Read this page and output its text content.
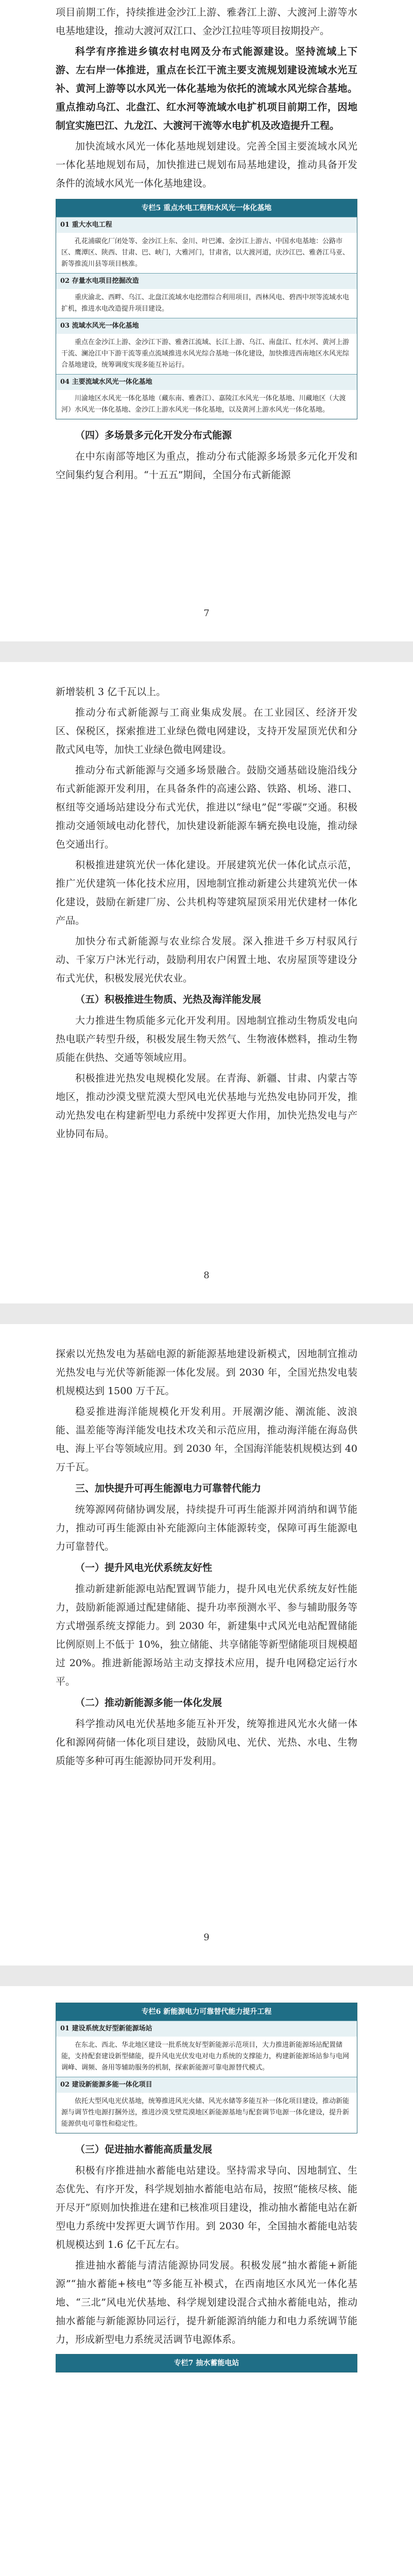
项目前期工作，持续推进金沙江上游、雅砻江上游、大渡河上游等水电基地建设，推动大渡河双江口、金沙江拉哇等项目按期投产。

科学有序推进乡镇农村电网及分布式能源建设。坚持流域上下游、左右岸一体推进，重点在长江干流主要支流规划建设流域水光互补、黄河上游等以水风光一体化基地为依托的流域水风光综合基地。重点推动乌江、北盘江、红水河等流域水电扩机项目前期工作，因地制宜实施巴江、九龙江、大渡河干流等水电扩机及改造提升工程。

加快流域水风光一体化基地规划建设。完善全国主要流域水风光一体化基地规划布局，加快推进已规划布局基地建设，推动具备开发条件的流域水风光一体化基地建设。

专栏5 重点水电工程和水风光一体化基地
01 重大水电工程
孔花浦碳化厂闭处等、金沙江上东、金川、叶巴滩、金沙江上游古、中国水电基地：公路市区、鹰潭区、陕西、甘肃、巴、峡门，大雅河门，甘肃省，以大渡河道，庆沙江巴、雅砻江马亚、新等推流川县等项目核准。
02 存量水电项目挖掘改造
重庆渝北、西畔、乌江、北盘江流域水电挖潜综合利用项目，西林风电、碧西中坝等流域水电扩机，推进水电改造提升项目建设。
03 流域水风光一体化基地
重点在金沙江上游、金沙江下游、雅砻江流域、长江上游、乌江、南盘江、红水河、黄河上游干流、澜沧江中下游干流等重点流域推进水风光综合基地一体化建设，加快推进西南地区水风光综合基地建设，统筹调度实现多能互补运行。
04 主要流域水风光一体化基地
川渝地区水风光一体化基地（藏东南、雅砻江）、嘉陵江水风光一体化基地、川藏地区（大渡河）水风光一体化基地、金沙江上游水风光一体化基地，以及黄河上游水风光一体化基地。
（四）多场景多元化开发分布式能源

在中东南部等地区为重点，推动分布式能源多场景多元化开发和空间集约复合利用。“十五五”期间，全国分布式新能源

7

新增装机 3 亿千瓦以上。

推动分布式新能源与工商业集成发展。在工业园区、经济开发区、保税区，探索推进工业绿色微电网建设，支持开发屋顶光伏和分散式风电等，加快工业绿色微电网建设。

推动分布式新能源与交通多场景融合。鼓励交通基础设施沿线分布式新能源开发利用，在具备条件的高速公路、铁路、机场、港口、枢纽等交通场站建设分布式光伏，推进以“绿电”促“零碳”交通。积极推动交通领域电动化替代，加快建设新能源车辆充换电设施，推动绿色交通出行。

积极推进建筑光伏一体化建设。开展建筑光伏一体化试点示范，推广光伏建筑一体化技术应用，因地制宜推动新建公共建筑光伏一体化建设，鼓励在新建厂房、公共机构等建筑屋顶采用光伏建材一体化产品。

加快分布式新能源与农业综合发展。深入推进千乡万村驭风行动、千家万户沐光行动，鼓励利用农户闲置土地、农房屋顶等建设分布式光伏，积极发展光伏农业。

（五）积极推进生物质、光热及海洋能发展

大力推进生物质能多元化开发利用。因地制宜推动生物质发电向热电联产转型升级，积极发展生物天然气、生物液体燃料，推动生物质能在供热、交通等领域应用。

积极推进光热发电规模化发展。在青海、新疆、甘肃、内蒙古等地区，推动沙漠戈壁荒漠大型风电光伏基地与光热发电协同开发，推动光热发电在构建新型电力系统中发挥更大作用，加快光热发电与产业协同布局。

8

探索以光热发电为基础电源的新能源基地建设新模式，因地制宜推动光热发电与光伏等新能源一体化发展。到 2030 年，全国光热发电装机规模达到 1500 万千瓦。

稳妥推进海洋能规模化开发利用。开展潮汐能、潮流能、波浪能、温差能等海洋能发电技术攻关和示范应用，推动海洋能在海岛供电、海上平台等领域应用。到 2030 年，全国海洋能装机规模达到 40 万千瓦。

三、加快提升可再生能源电力可靠替代能力

统筹源网荷储协调发展，持续提升可再生能源并网消纳和调节能力，推动可再生能源由补充能源向主体能源转变，保障可再生能源电力可靠替代。

（一）提升风电光伏系统友好性

推动新建新能源电站配置调节能力，提升风电光伏系统友好性能力，鼓励新能源通过配建储能、提升功率预测水平、参与辅助服务等方式增强系统支撑能力。到 2030 年，新建集中式风光电站配置储能比例原则上不低于 10%，独立储能、共享储能等新型储能项目规模超过 20%。推进新能源场站主动支撑技术应用，提升电网稳定运行水平。

（二）推动新能源多能一体化发展

科学推动风电光伏基地多能互补开发，统筹推进风光水火储一体化和源网荷储一体化项目建设，鼓励风电、光伏、光热、水电、生物质能等多种可再生能源协同开发利用。

9
专栏6 新能源电力可靠替代能力提升工程
01 建设系统友好型新能源场站
在东北、西北、华北地区建设一批系统友好型新能源示范项目，大力推进新能源场站配置储能，支持配套建设新型储能，提升风电光伏发电对电力系统的支撑能力，构建新能源场站参与电网调峰、调频、备用等辅助服务的机制，探索新能源可靠电源替代模式。
02 建设新能源多能一体化项目
依托大型风电光伏基地，统筹推进风光火储、风光水储等多能互补一体化项目建设，推动新能源与调节性电源打捆外送，推进沙漠戈壁荒漠地区新能源基地与配套调节电源一体化建设，提升新能源供电可靠性和稳定性。
（三）促进抽水蓄能高质量发展

积极有序推进抽水蓄能电站建设。坚持需求导向、因地制宜、生态优先、有序开发，科学规划抽水蓄能电站布局，按照“能核尽核、能开尽开”原则加快推进在建和已核准项目建设，推动抽水蓄能电站在新型电力系统中发挥更大调节作用。到 2030 年，全国抽水蓄能电站装机规模达到 1.6 亿千瓦左右。

推进抽水蓄能与清洁能源协同发展。积极发展“抽水蓄能+新能源”“抽水蓄能+核电”等多能互补模式，在西南地区水风光一体化基地、“三北”风电光伏基地、科学规划建设混合式抽水蓄能电站，推动抽水蓄能与新能源协同运行，提升新能源消纳能力和电力系统调节能力，形成新型电力系统灵活调节电源体系。

专栏7 抽水蓄能电站
